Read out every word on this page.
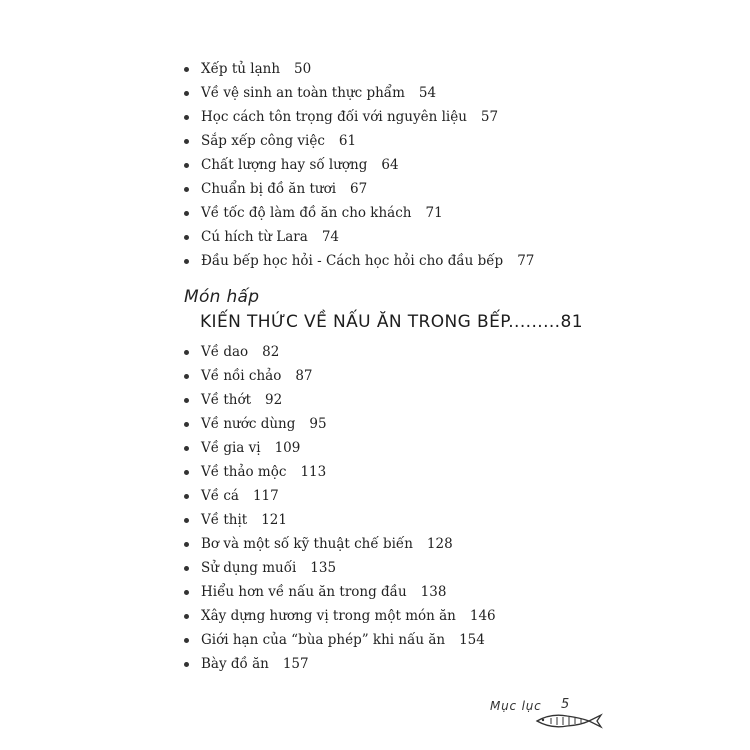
Xếp tủ lạnh 50
Về vệ sinh an toàn thực phẩm 54
Học cách tôn trọng đối với nguyên liệu 57
Sắp xếp công việc 61
Chất lượng hay số lượng 64
Chuẩn bị đồ ăn tươi 67
Về tốc độ làm đồ ăn cho khách 71
Cú hích từ Lara 74
Đầu bếp học hỏi - Cách học hỏi cho đầu bếp 77
Món hấp
KIẾN THỨC VỀ NẤU ĂN TRONG BẾP.........81
Về dao 82
Về nồi chảo 87
Về thớt 92
Về nước dùng 95
Về gia vị 109
Về thảo mộc 113
Về cá 117
Về thịt 121
Bơ và một số kỹ thuật chế biến 128
Sử dụng muối 135
Hiểu hơn về nấu ăn trong đầu 138
Xây dựng hương vị trong một món ăn 146
Giới hạn của “bùa phép” khi nấu ăn 154
Bày đồ ăn 157
Mục lục 5
